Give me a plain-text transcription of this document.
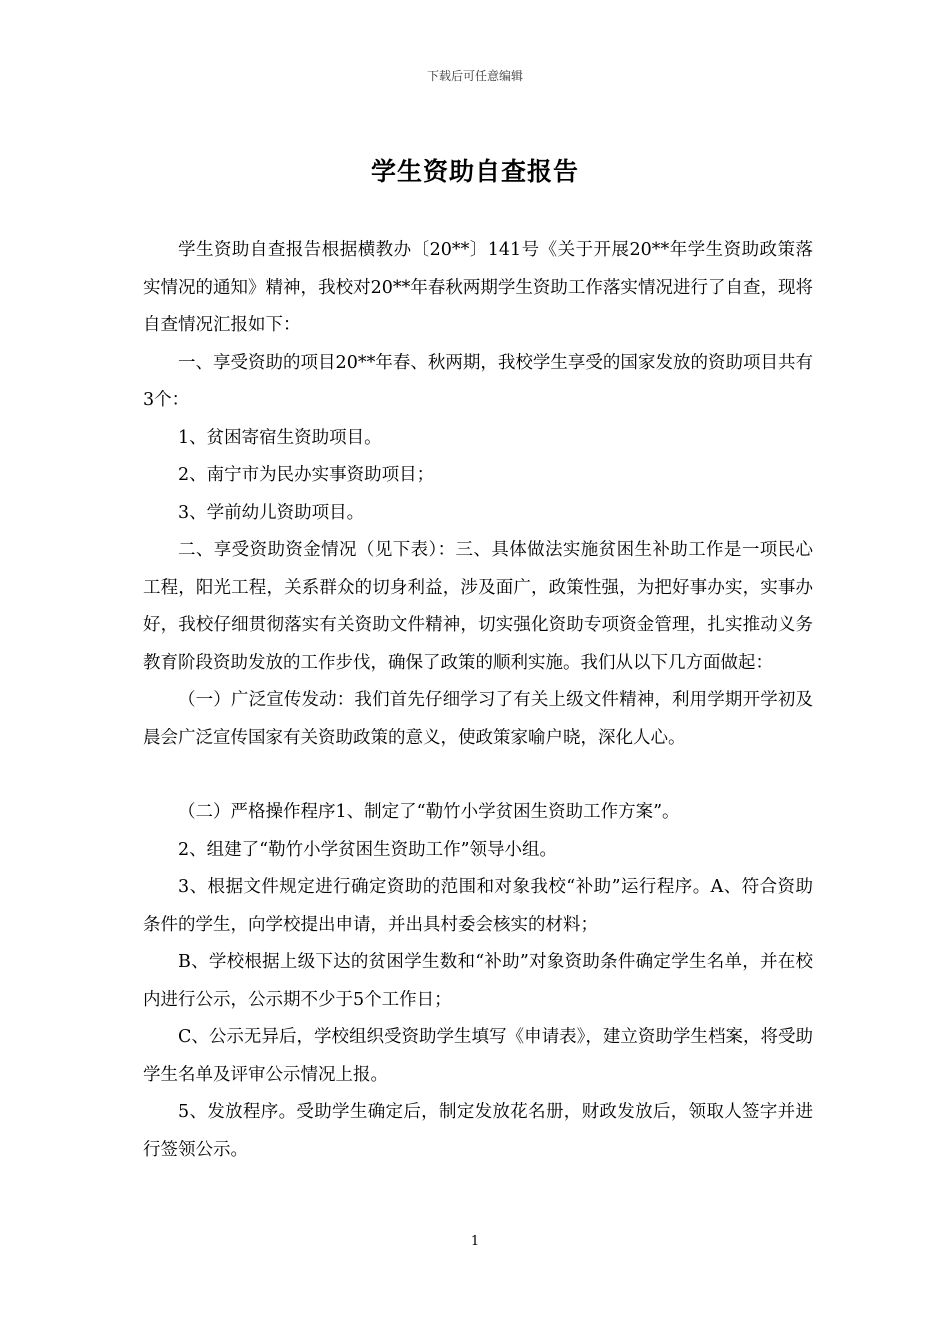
下载后可任意编辑
学生资助自查报告

学生资助自查报告根据横教办〔20**〕141号《关于开展20**年学生资助政策落实情况的通知》精神，我校对20**年春秋两期学生资助工作落实情况进行了自查，现将自查情况汇报如下：

一、享受资助的项目20**年春、秋两期，我校学生享受的国家发放的资助项目共有3个：

1、贫困寄宿生资助项目。

2、南宁市为民办实事资助项目；

3、学前幼儿资助项目。

二、享受资助资金情况（见下表）：三、具体做法实施贫困生补助工作是一项民心工程，阳光工程，关系群众的切身利益，涉及面广，政策性强，为把好事办实，实事办好，我校仔细贯彻落实有关资助文件精神，切实强化资助专项资金管理，扎实推动义务教育阶段资助发放的工作步伐，确保了政策的顺利实施。我们从以下几方面做起：

（一）广泛宣传发动：我们首先仔细学习了有关上级文件精神，利用学期开学初及晨会广泛宣传国家有关资助政策的意义，使政策家喻户晓，深化人心。

（二）严格操作程序1、制定了“勒竹小学贫困生资助工作方案”。

2、组建了“勒竹小学贫困生资助工作”领导小组。

3、根据文件规定进行确定资助的范围和对象我校“补助”运行程序。A、符合资助条件的学生，向学校提出申请，并出具村委会核实的材料；

B、学校根据上级下达的贫困学生数和“补助”对象资助条件确定学生名单，并在校内进行公示，公示期不少于5个工作日；

C、公示无异后，学校组织受资助学生填写《申请表》，建立资助学生档案，将受助学生名单及评审公示情况上报。

5、发放程序。受助学生确定后，制定发放花名册，财政发放后，领取人签字并进行签领公示。

1
